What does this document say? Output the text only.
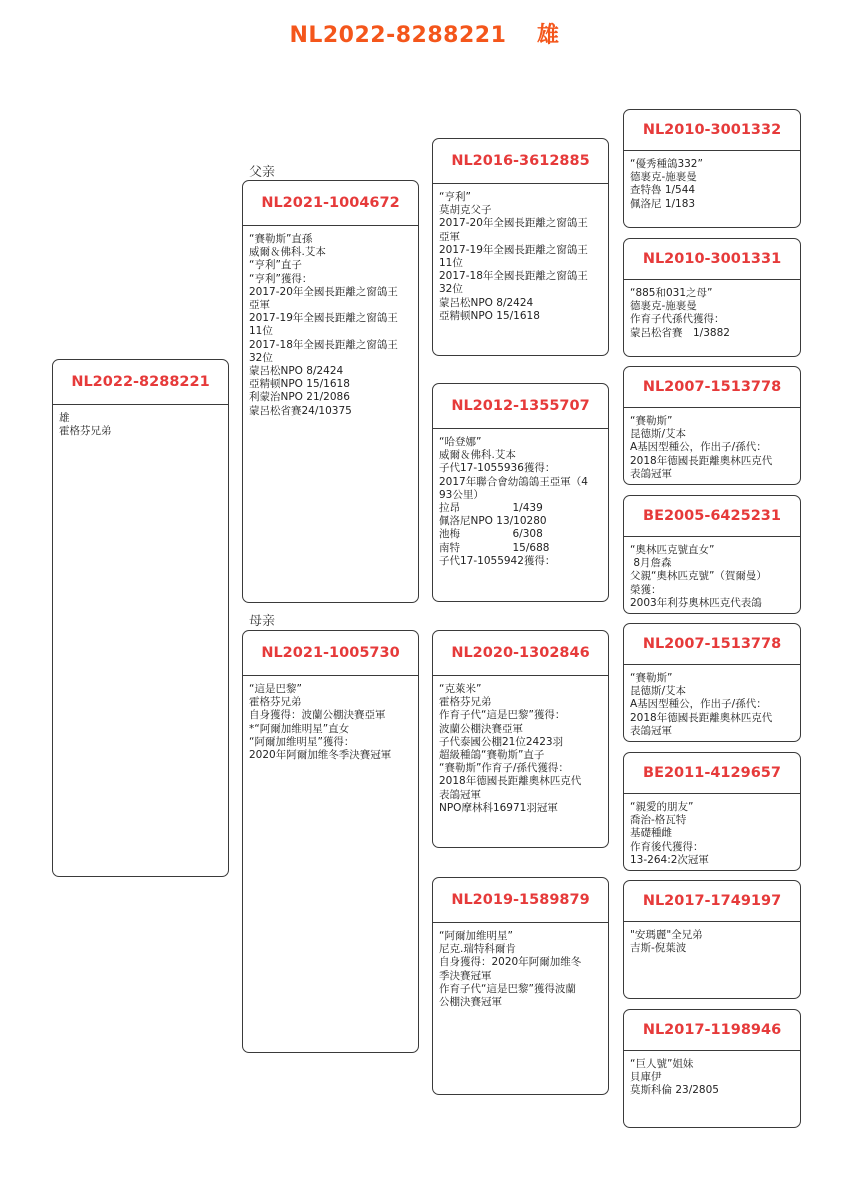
NL2022-8288221　 雄
父亲
母亲
NL2022-8288221
雄
霍格芬兄弟
NL2021-1004672
“賽勒斯”直孫
威爾＆佛科.艾本
“亨利”直子
“亨利”獲得：
2017-20年全國長距離之窗鴿王
亞軍
2017-19年全國長距離之窗鴿王
11位
2017-18年全國長距離之窗鴿王
32位
蒙呂松NPO 8/2424
亞精顿NPO 15/1618
利蒙治NPO 21/2086
蒙呂松省賽24/10375
NL2021-1005730
“這是巴黎”
霍格芬兄弟
自身獲得：波蘭公棚決賽亞軍
*“阿爾加维明星”直女
“阿爾加维明星”獲得：
2020年阿爾加维冬季決賽冠軍
NL2016-3612885
“亨利”
莫胡克父子
2017-20年全國長距離之窗鴿王
亞軍
2017-19年全國長距離之窗鴿王
11位
2017-18年全國長距離之窗鴿王
32位
蒙呂松NPO 8/2424
亞精顿NPO 15/1618
NL2012-1355707
“哈登娜”
威爾＆佛科.艾本
子代17-1055936獲得：
2017年聯合會幼鴿鴿王亞軍（4
93公里）
拉昂　　　　　1/439
佩洛尼NPO 13/10280
池梅　　　　　6/308
南特　　　　　15/688
子代17-1055942獲得：
NL2020-1302846
“克萊米”
霍格芬兄弟
作育子代“這是巴黎”獲得：
波蘭公棚決賽亞軍
子代泰國公棚21位2423羽
超級種鴿“賽勒斯”直子
“賽勒斯”作育子/孫代獲得：
2018年德國長距離奧林匹克代
表鴿冠軍
NPO摩林科16971羽冠軍
NL2019-1589879
“阿爾加维明星”
尼克.瑞特科爾肯
自身獲得：2020年阿爾加维冬
季決賽冠軍
作育子代“這是巴黎”獲得波蘭
公棚決賽冠軍
NL2010-3001332
“優秀種鴿332”
德裹克-施裹曼
查特魯 1/544
佩洛尼 1/183
NL2010-3001331
“885和031之母”
德裹克-施裹曼
作育子代孫代獲得：
蒙呂松省賽　1/3882
NL2007-1513778
“賽勒斯”
昆德斯/艾本
A基因型種公，作出子/孫代：
2018年德國長距離奧林匹克代
表鴿冠軍
BE2005-6425231
“奧林匹克號直女”
8月詹森
父親“奧林匹克號”（賀爾曼）
榮獲：
2003年利芬奧林匹克代表鴿
NL2007-1513778
“賽勒斯”
昆德斯/艾本
A基因型種公，作出子/孫代：
2018年德國長距離奧林匹克代
表鴿冠軍
BE2011-4129657
“親愛的朋友”
喬治-格瓦特
基礎種雌
作育後代獲得：
13-264:2次冠軍
NL2017-1749197
"安瑪麗"全兄弟
吉斯-倪葉波
NL2017-1198946
“巨人號”姐妹
貝庫伊
莫斯科倫 23/2805
